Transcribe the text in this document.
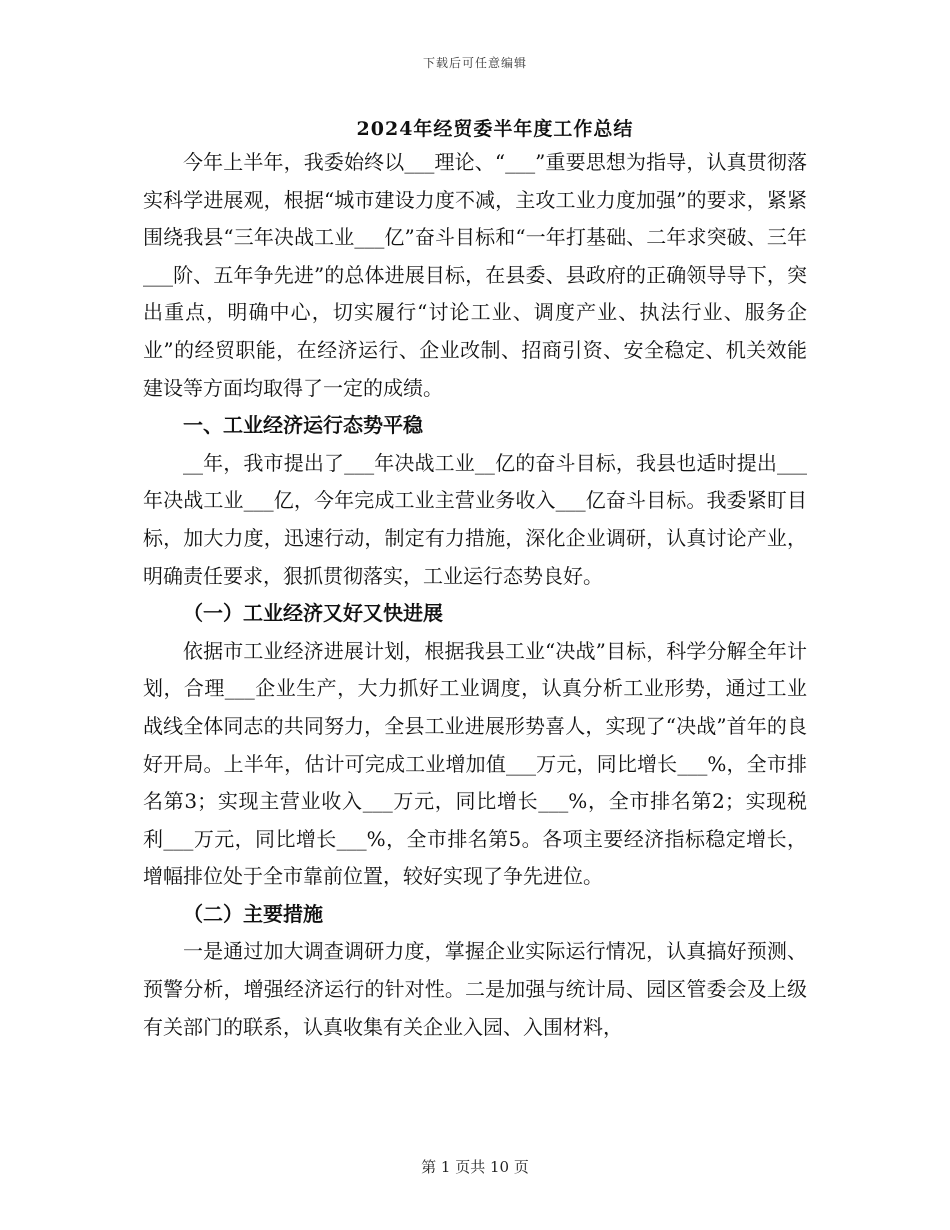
下载后可任意编辑
2024年经贸委半年度工作总结

今年上半年，我委始终以___理论、“___”重要思想为指导，认真贯彻落实科学进展观，根据“城市建设力度不减，主攻工业力度加强”的要求，紧紧围绕我县“三年决战工业___亿”奋斗目标和“一年打基础、二年求突破、三年___阶、五年争先进”的总体进展目标，在县委、县政府的正确领导导下，突出重点，明确中心，切实履行“讨论工业、调度产业、执法行业、服务企业”的经贸职能，在经济运行、企业改制、招商引资、安全稳定、机关效能建设等方面均取得了一定的成绩。

一、工业经济运行态势平稳

__年，我市提出了___年决战工业__亿的奋斗目标，我县也适时提出___年决战工业___亿，今年完成工业主营业务收入___亿奋斗目标。我委紧盯目标，加大力度，迅速行动，制定有力措施，深化企业调研，认真讨论产业，明确责任要求，狠抓贯彻落实，工业运行态势良好。

（一）工业经济又好又快进展

依据市工业经济进展计划，根据我县工业“决战”目标，科学分解全年计划，合理___企业生产，大力抓好工业调度，认真分析工业形势，通过工业战线全体同志的共同努力，全县工业进展形势喜人，实现了“决战”首年的良好开局。上半年，估计可完成工业增加值___万元，同比增长___%，全市排名第3；实现主营业收入___万元，同比增长___%，全市排名第2；实现税利___万元，同比增长___%，全市排名第5。各项主要经济指标稳定增长，增幅排位处于全市靠前位置，较好实现了争先进位。

（二）主要措施

一是通过加大调查调研力度，掌握企业实际运行情况，认真搞好预测、预警分析，增强经济运行的针对性。二是加强与统计局、园区管委会及上级有关部门的联系，认真收集有关企业入园、入围材料，

第 1 页共 10 页
